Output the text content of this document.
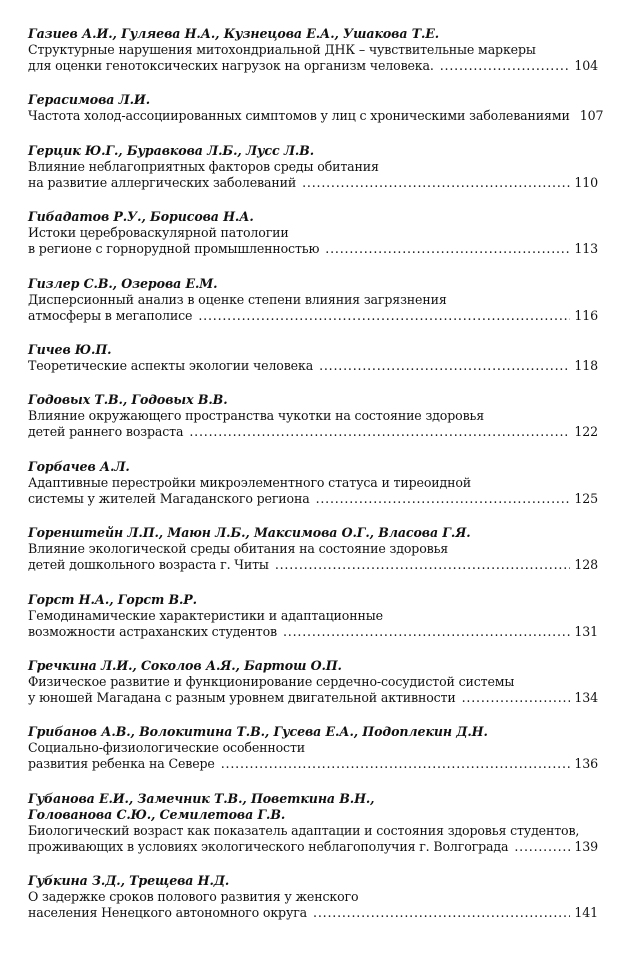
Газиев А.И., Гуляева Н.А., Кузнецова Е.А., Ушакова Т.Е.
Структурные нарушения митохондриальной ДНК – чувствительные маркеры
для оценки генотоксических нагрузок на организм человека. . . .	104
Герасимова Л.И.
Частота холод-ассоциированных симптомов у лиц с хроническими заболеваниями 107
Герцик Ю.Г., Буравкова Л.Б., Лусс Л.В.
Влияние неблагоприятных факторов среды обитания
на развитие аллергических заболеваний . . .	110
Гибадатов Р.У., Борисова Н.А.
Истоки цереброваскулярной патологии
в регионе с горнорудной промышленностью . . .	113
Гизлер С.В., Озерова Е.М.
Дисперсионный анализ в оценке степени влияния загрязнения
атмосферы в мегаполисе . . .	116
Гичев Ю.П.
Теоретические аспекты экологии человека . . .	118
Годовых Т.В., Годовых В.В.
Влияние окружающего пространства чукотки на состояние здоровья
детей раннего возраста . . .	122
Горбачев А.Л.
Адаптивные перестройки микроэлементного статуса и тиреоидной
системы у жителей Магаданского региона . . .	125
Горенштейн Л.П., Маюн Л.Б., Максимова О.Г., Власова Г.Я.
Влияние экологической среды обитания на состояние здоровья
детей дошкольного возраста г. Читы . . .	128
Горст Н.А., Горст В.Р.
Гемодинамические характеристики и адаптационные
возможности астраханских студентов . . .	131
Гречкина Л.И., Соколов А.Я., Бартош О.П.
Физическое развитие и функционирование сердечно-сосудистой системы
у юношей Магадана с разным уровнем двигательной активности . . .	134
Грибанов А.В., Волокитина Т.В., Гусева Е.А., Подоплекин Д.Н.
Социально-физиологические особенности
развития ребенка на Севере . . .	136
Губанова Е.И., Замечник Т.В., Поветкина В.Н.,
Голованова С.Ю., Семилетова Г.В.
Биологический возраст как показатель адаптации и состояния здоровья студентов,
проживающих в условиях экологического неблагополучия г. Волгограда . . .	139
Губкина З.Д., Трещева Н.Д.
О задержке сроков полового развития у женского
населения Ненецкого автономного округа . . .	141
